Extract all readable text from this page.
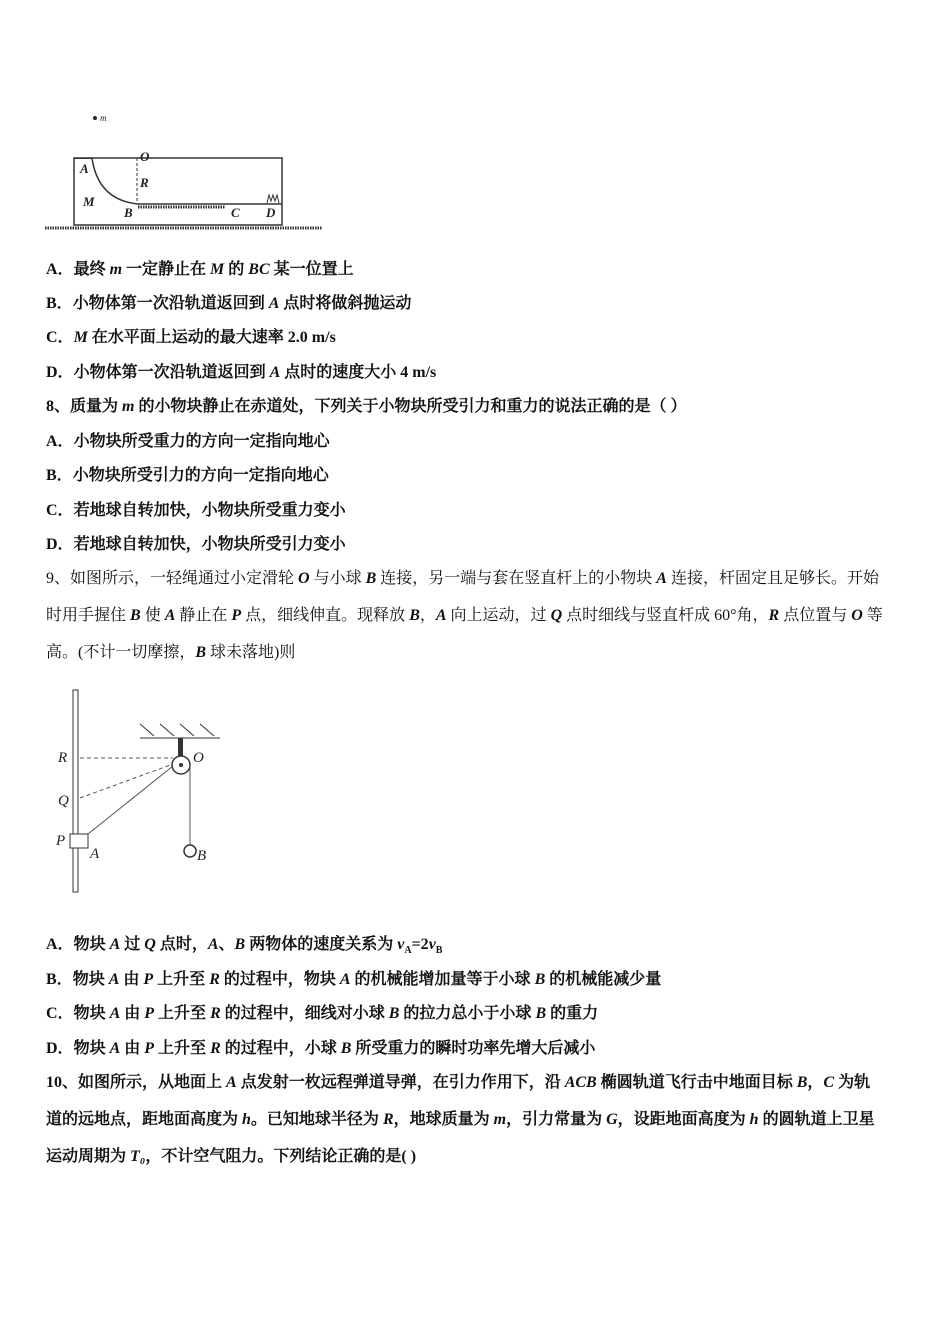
m
A
O
R
M
B	C D
A．最终 m 一定静止在 M 的 BC 某一位置上
B．小物体第一次沿轨道返回到 A 点时将做斜抛运动
C．M 在水平面上运动的最大速率 2.0 m/s
D．小物体第一次沿轨道返回到 A 点时的速度大小 4 m/s
8、质量为 m 的小物块静止在赤道处，下列关于小物块所受引力和重力的说法正确的是（ ）
A．小物块所受重力的方向一定指向地心
B．小物块所受引力的方向一定指向地心
C．若地球自转加快，小物块所受重力变小
D．若地球自转加快，小物块所受引力变小
9、如图所示，一轻绳通过小定滑轮 O 与小球 B 连接，另一端与套在竖直杆上的小物块 A 连接，杆固定且足够长。开始
时用手握住 B 使 A 静止在 P 点，细线伸直。现释放 B，A 向上运动，过 Q 点时细线与竖直杆成 60°角，R 点位置与 O 等
高。(不计一切摩擦，B 球未落地)则
R
Q
P
A
O
B
A．物块 A 过 Q 点时，A、B 两物体的速度关系为 $v_A=2v_B$
B．物块 A 由 P 上升至 R 的过程中，物块 A 的机械能增加量等于小球 B 的机械能减少量
C．物块 A 由 P 上升至 R 的过程中，细线对小球 B 的拉力总小于小球 B 的重力
D．物块 A 由 P 上升至 R 的过程中，小球 B 所受重力的瞬时功率先增大后减小
10、如图所示，从地面上 A 点发射一枚远程弹道导弹，在引力作用下，沿 ACB 椭圆轨道飞行击中地面目标 B，C 为轨
道的远地点，距地面高度为 h。已知地球半径为 R，地球质量为 m，引力常量为 G，设距地面高度为 h 的圆轨道上卫星
运动周期为 T₀，不计空气阻力。下列结论正确的是( )
